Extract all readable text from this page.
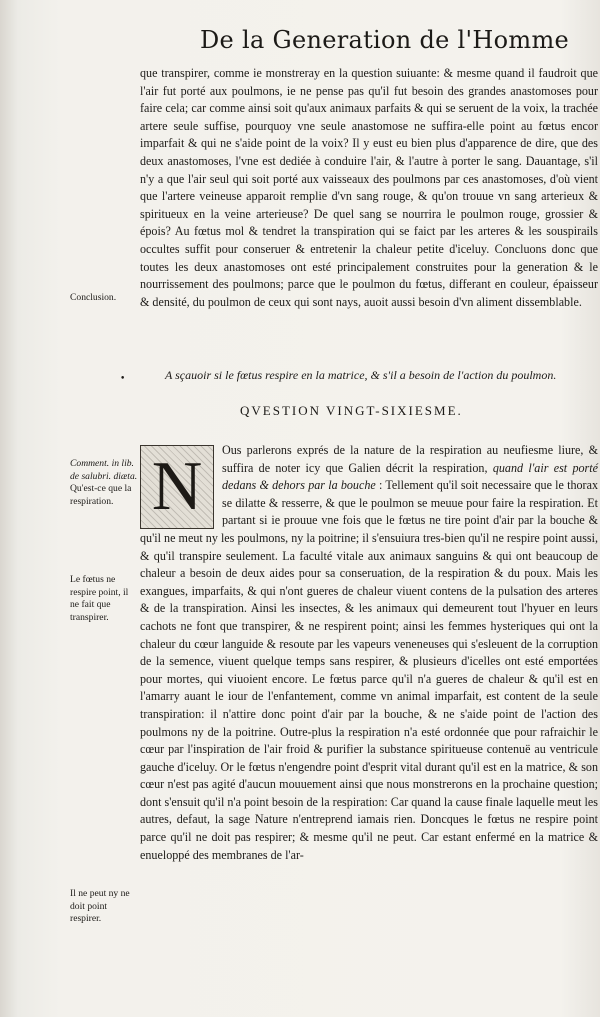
De la Generation de l'Homme

que transpirer, comme ie monstreray en la question suiuante: & mesme quand il faudroit que l'air fut porté aux poulmons, ie ne pense pas qu'il fut besoin des grandes anastomoses pour faire cela; car comme ainsi soit qu'aux animaux parfaits & qui se seruent de la voix, la trachée artere seule suffise, pourquoy vne seule anastomose ne suffira-elle point au fœtus encor imparfait & qui ne s'aide point de la voix? Il y eust eu bien plus d'apparence de dire, que des deux anastomoses, l'vne est dediée à conduire l'air, & l'autre à porter le sang. Dauantage, s'il n'y a que l'air seul qui soit porté aux vaisseaux des poulmons par ces anastomoses, d'où vient que l'artere veineuse apparoit remplie d'vn sang rouge, & qu'on trouue vn sang arterieux & spiritueux en la veine arterieuse? De quel sang se nourrira le poulmon rouge, grossier & épois? Au fœtus mol & tendret la transpiration qui se faict par les arteres & les souspirails occultes suffit pour conseruer & entretenir la chaleur petite d'iceluy. Concluons donc que toutes les deux anastomoses ont esté principalement construites pour la generation & le nourrissement des poulmons; parce que le poulmon du fœtus, differant en couleur, épaisseur & densité, du poulmon de ceux qui sont nays, auoit aussi besoin d'vn aliment dissemblable.

Conclusion.
•	A sçauoir si le fœtus respire en la matrice, & s'il a besoin de l'action du poulmon.
QVESTION VINGT-SIXIESME.

N	Ous parlerons exprés de la nature de la respiration au neufiesme liure, & suffira de noter icy que Galien décrit la respiration, quand l'air est porté dedans & dehors par la bouche : Tellement qu'il soit necessaire que le thorax se dilatte & resserre, & que le poulmon se meuue pour faire la respiration. Et partant si ie prouue vne fois que le fœtus ne tire point d'air par la bouche & qu'il ne meut ny les poulmons, ny la poitrine; il s'ensuiura tres-bien qu'il ne respire point aussi, & qu'il transpire seulement. La faculté vitale aux animaux sanguins & qui ont beaucoup de chaleur a besoin de deux aides pour sa conseruation, de la respiration & du poux. Mais les exangues, imparfaits, & qui n'ont gueres de chaleur viuent contens de la pulsation des arteres & de la transpiration. Ainsi les insectes, & les animaux qui demeurent tout l'hyuer en leurs cachots ne font que transpirer, & ne respirent point; ainsi les femmes hysteriques qui ont la chaleur du cœur languide & resoute par les vapeurs veneneuses qui s'esleuent de la corruption de la semence, viuent quelque temps sans respirer, & plusieurs d'icelles ont esté emportées pour mortes, qui viuoient encore. Le fœtus parce qu'il n'a gueres de chaleur & qu'il est en l'amarry auant le iour de l'enfantement, comme vn animal imparfait, est content de la seule transpiration: il n'attire donc point d'air par la bouche, & ne s'aide point de l'action des poulmons ny de la poitrine. Outre-plus la respiration n'a esté ordonnée que pour rafraichir le cœur par l'inspiration de l'air froid & purifier la substance spiritueuse contenuë au ventricule gauche d'iceluy. Or le fœtus n'engendre point d'esprit vital durant qu'il est en la matrice, & son cœur n'est pas agité d'aucun mouuement ainsi que nous monstrerons en la prochaine question; dont s'ensuit qu'il n'a point besoin de la respiration: Car quand la cause finale laquelle meut les autres, defaut, la sage Nature n'entreprend iamais rien. Doncques le fœtus ne respire point parce qu'il ne doit pas respirer; & mesme qu'il ne peut. Car estant enfermé en la matrice & enueloppé des membranes de l'ar-

Comment. in lib. de salubri. diæta.
Qu'est-ce que la respiration.
Le fœtus ne respire point, il ne fait que transpirer.
Il ne peut ny ne doit point respirer.
